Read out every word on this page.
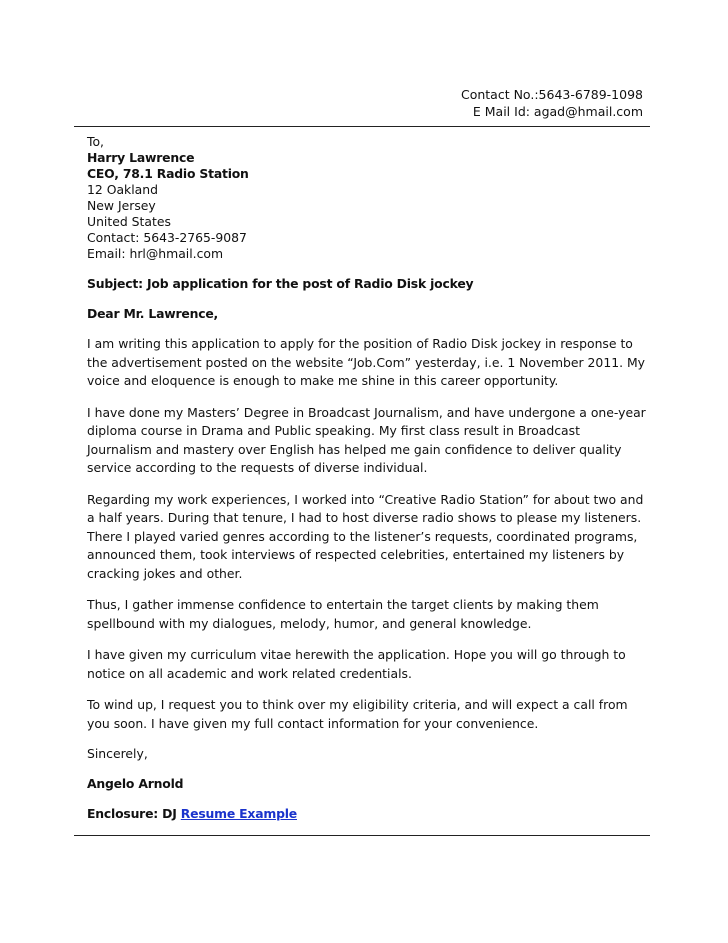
Contact No.:5643-6789-1098
E Mail Id: agad@hmail.com
To,
Harry Lawrence
CEO, 78.1 Radio Station
12 Oakland
New Jersey
United States
Contact: 5643-2765-9087
Email: hrl@hmail.com
Subject: Job application for the post of Radio Disk jockey
Dear Mr. Lawrence,

I am writing this application to apply for the position of Radio Disk jockey in response to the advertisement posted on the website “Job.Com” yesterday, i.e. 1 November 2011. My voice and eloquence is enough to make me shine in this career opportunity.

I have done my Masters’ Degree in Broadcast Journalism, and have undergone a one-year diploma course in Drama and Public speaking. My first class result in Broadcast Journalism and mastery over English has helped me gain confidence to deliver quality service according to the requests of diverse individual.

Regarding my work experiences, I worked into “Creative Radio Station” for about two and a half years. During that tenure, I had to host diverse radio shows to please my listeners. There I played varied genres according to the listener’s requests, coordinated programs, announced them, took interviews of respected celebrities, entertained my listeners by cracking jokes and other.

Thus, I gather immense confidence to entertain the target clients by making them spellbound with my dialogues, melody, humor, and general knowledge.

I have given my curriculum vitae herewith the application. Hope you will go through to notice on all academic and work related credentials.

To wind up, I request you to think over my eligibility criteria, and will expect a call from you soon. I have given my full contact information for your convenience.

Sincerely,
Angelo Arnold
Enclosure: DJ Resume Example
